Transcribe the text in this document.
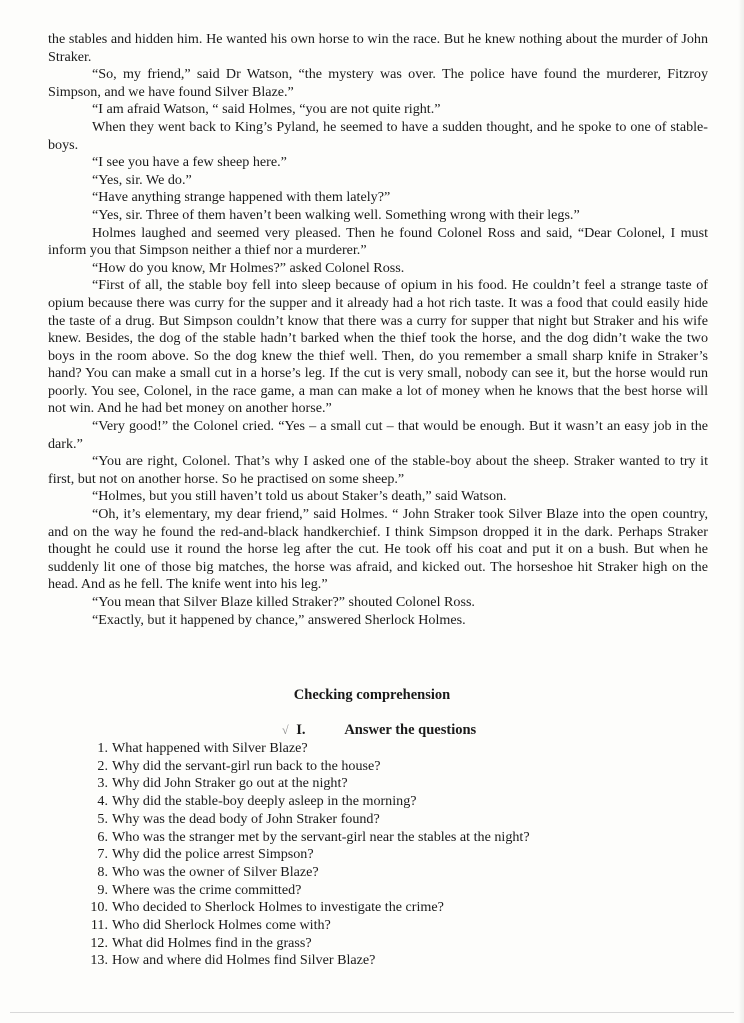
the stables and hidden him. He wanted his own horse to win the race. But he knew nothing about the murder of John Straker.

“So, my friend,” said Dr Watson, “the mystery was over. The police have found the murderer, Fitzroy Simpson, and we have found Silver Blaze.”

“I am afraid Watson, “ said Holmes, “you are not quite right.”

When they went back to King’s Pyland, he seemed to have a sudden thought, and he spoke to one of stable-boys.

“I see you have a few sheep here.”

“Yes, sir. We do.”

“Have anything strange happened with them lately?”

“Yes, sir. Three of them haven’t been walking well. Something wrong with their legs.”

Holmes laughed and seemed very pleased. Then he found Colonel Ross and said, “Dear Colonel, I must inform you that Simpson neither a thief nor a murderer.”

“How do you know, Mr Holmes?” asked Colonel Ross.

“First of all, the stable boy fell into sleep because of opium in his food. He couldn’t feel a strange taste of opium because there was curry for the supper and it already had a hot rich taste. It was a food that could easily hide the taste of a drug. But Simpson couldn’t know that there was a curry for supper that night but Straker and his wife knew. Besides, the dog of the stable hadn’t barked when the thief took the horse, and the dog didn’t wake the two boys in the room above. So the dog knew the thief well. Then, do you remember a small sharp knife in Straker’s hand? You can make a small cut in a horse’s leg. If the cut is very small, nobody can see it, but the horse would run poorly. You see, Colonel, in the race game, a man can make a lot of money when he knows that the best horse will not win. And he had bet money on another horse.”

“Very good!” the Colonel cried. “Yes – a small cut – that would be enough. But it wasn’t an easy job in the dark.”

“You are right, Colonel. That’s why I asked one of the stable-boy about the sheep. Straker wanted to try it first, but not on another horse. So he practised on some sheep.”

“Holmes, but you still haven’t told us about Staker’s death,” said Watson.

“Oh, it’s elementary, my dear friend,” said Holmes. “ John Straker took Silver Blaze into the open country, and on the way he found the red-and-black handkerchief. I think Simpson dropped it in the dark. Perhaps Straker thought he could use it round the horse leg after the cut. He took off his coat and put it on a bush. But when he suddenly lit one of those big matches, the horse was afraid, and kicked out. The horseshoe hit Straker high on the head. And as he fell. The knife went into his leg.”

“You mean that Silver Blaze killed Straker?” shouted Colonel Ross.

“Exactly, but it happened by chance,” answered Sherlock Holmes.

Checking comprehension
√ I.	Answer the questions
1. What happened with Silver Blaze?
2. Why did the servant-girl run back to the house?
3. Why did John Straker go out at the night?
4. Why did the stable-boy deeply asleep in the morning?
5. Why was the dead body of John Straker found?
6. Who was the stranger met by the servant-girl near the stables at the night?
7. Why did the police arrest Simpson?
8. Who was the owner of Silver Blaze?
9. Where was the crime committed?
10. Who decided to Sherlock Holmes to investigate the crime?
11. Who did Sherlock Holmes come with?
12. What did Holmes find in the grass?
13. How and where did Holmes find Silver Blaze?
